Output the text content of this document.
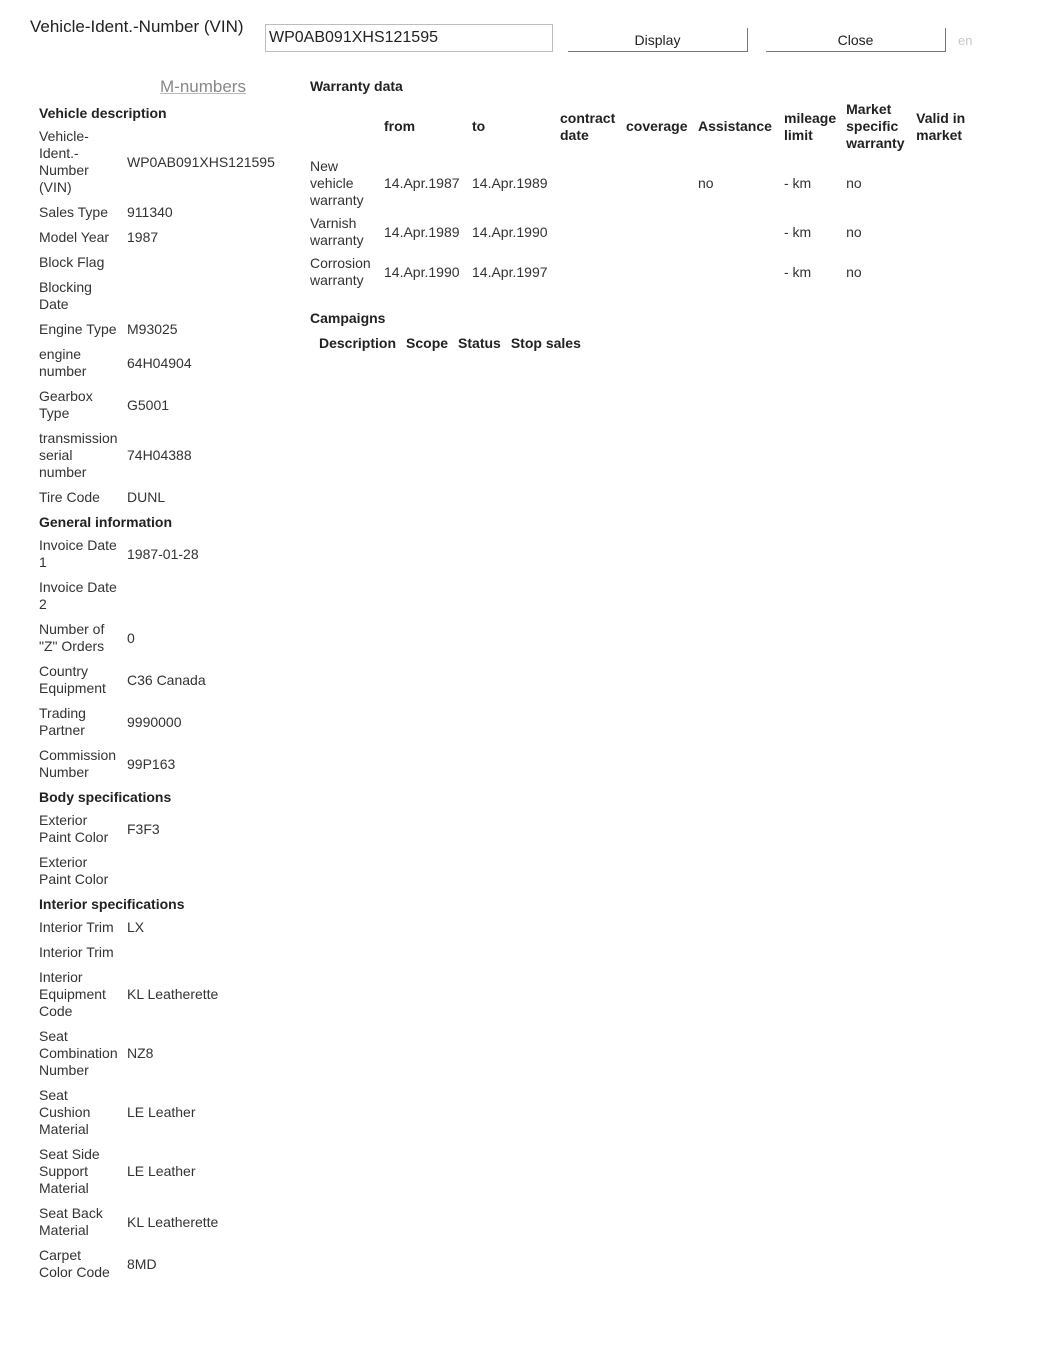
Vehicle-Ident.-Number (VIN)
WP0AB091XHS121595
Display	Close	en
M-numbers
Vehicle description
Vehicle-Ident.-Number (VIN)	WP0AB091XHS121595
Sales Type	911340
Model Year	1987
Block Flag	
Blocking Date	
Engine Type	M93025
engine number	64H04904
Gearbox Type	G5001
transmission serial number	74H04388
Tire Code	DUNL
General information
Invoice Date 1	1987-01-28
Invoice Date 2	
Number of "Z" Orders	0
Country Equipment	C36 Canada
Trading Partner	9990000
Commission Number	99P163
Body specifications
Exterior Paint Color	F3F3
Exterior Paint Color	
Interior specifications
Interior Trim	LX
Interior Trim	
Interior Equipment Code	KL Leatherette
Seat Combination Number	NZ8
Seat Cushion Material	LE Leather
Seat Side Support Material	LE Leather
Seat Back Material	KL Leatherette
Carpet Color Code	8MD
Warranty data
	from	to	contract date	coverage	Assistance	mileage limit	Market specific warranty	Valid in market
New vehicle warranty	14.Apr.1987	14.Apr.1989			no	- km	no	
Varnish warranty	14.Apr.1989	14.Apr.1990				- km	no	
Corrosion warranty	14.Apr.1990	14.Apr.1997				- km	no	
Campaigns
Description	Scope	Status	Stop sales
